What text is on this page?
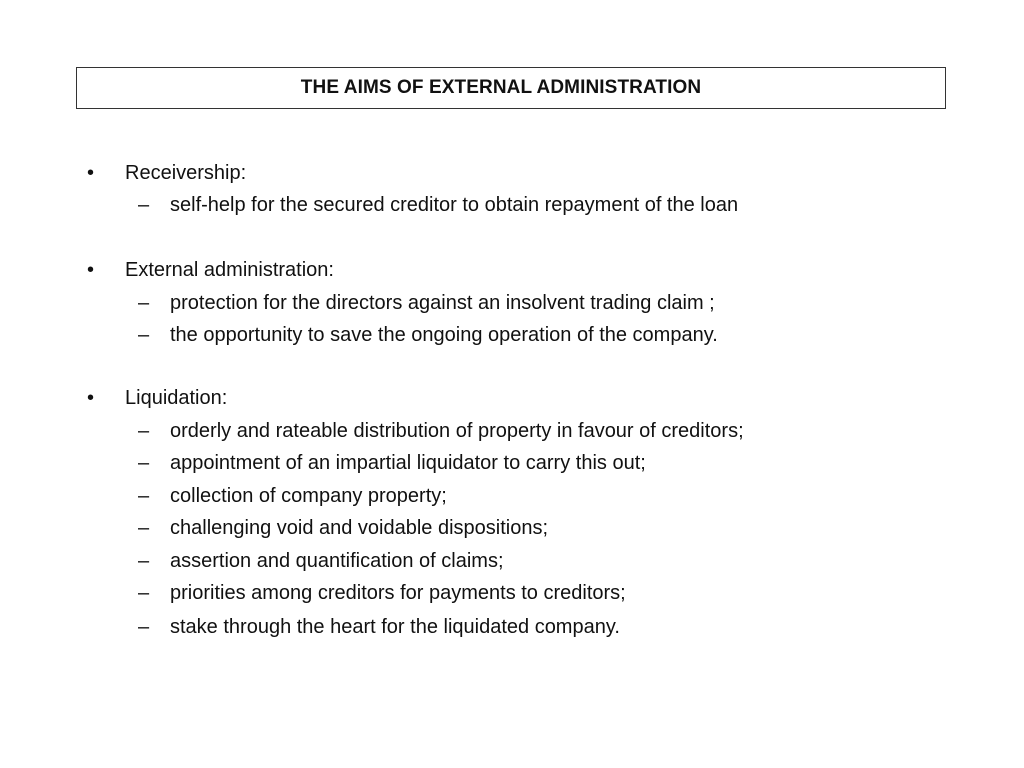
THE AIMS OF EXTERNAL ADMINISTRATION
• Receivership:
– self-help for the secured creditor to obtain repayment of the loan
• External administration:
– protection for the directors against an insolvent trading claim ;
– the opportunity to save the ongoing operation of the company.
• Liquidation:
– orderly and rateable distribution of property in favour of creditors;
– appointment of an impartial liquidator to carry this out;
– collection of company property;
– challenging void and voidable dispositions;
– assertion and quantification of claims;
– priorities among creditors for payments to creditors;
– stake through the heart for the liquidated company.
